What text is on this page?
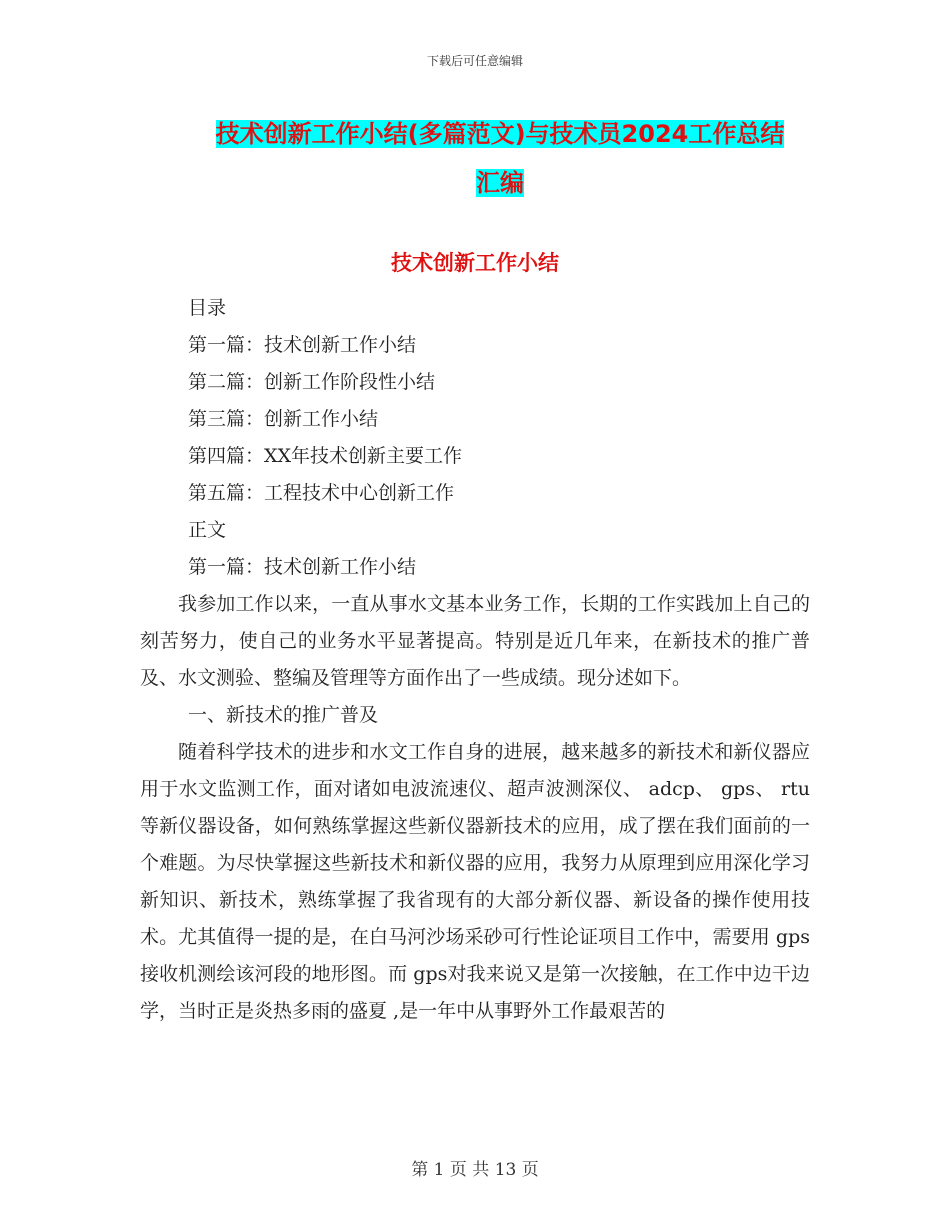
下载后可任意编辑
技术创新工作小结(多篇范文)与技术员2024工作总结
汇编
技术创新工作小结

目录

第一篇：技术创新工作小结

第二篇：创新工作阶段性小结

第三篇：创新工作小结

第四篇：XX年技术创新主要工作

第五篇：工程技术中心创新工作

正文

第一篇：技术创新工作小结

我参加工作以来，一直从事水文基本业务工作，长期的工作实践加上自己的刻苦努力，使自己的业务水平显著提高。特别是近几年来，在新技术的推广普及、水文测验、整编及管理等方面作出了一些成绩。现分述如下。

一、新技术的推广普及

随着科学技术的进步和水文工作自身的进展，越来越多的新技术和新仪器应用于水文监测工作，面对诸如电波流速仪、超声波测深仪、 adcp、 gps、 rtu等新仪器设备，如何熟练掌握这些新仪器新技术的应用，成了摆在我们面前的一个难题。为尽快掌握这些新技术和新仪器的应用，我努力从原理到应用深化学习新知识、新技术，熟练掌握了我省现有的大部分新仪器、新设备的操作使用技术。尤其值得一提的是，在白马河沙场采砂可行性论证项目工作中，需要用 gps接收机测绘该河段的地形图。而 gps对我来说又是第一次接触，在工作中边干边学，当时正是炎热多雨的盛夏 ,是一年中从事野外工作最艰苦的

第 1 页 共 13 页
